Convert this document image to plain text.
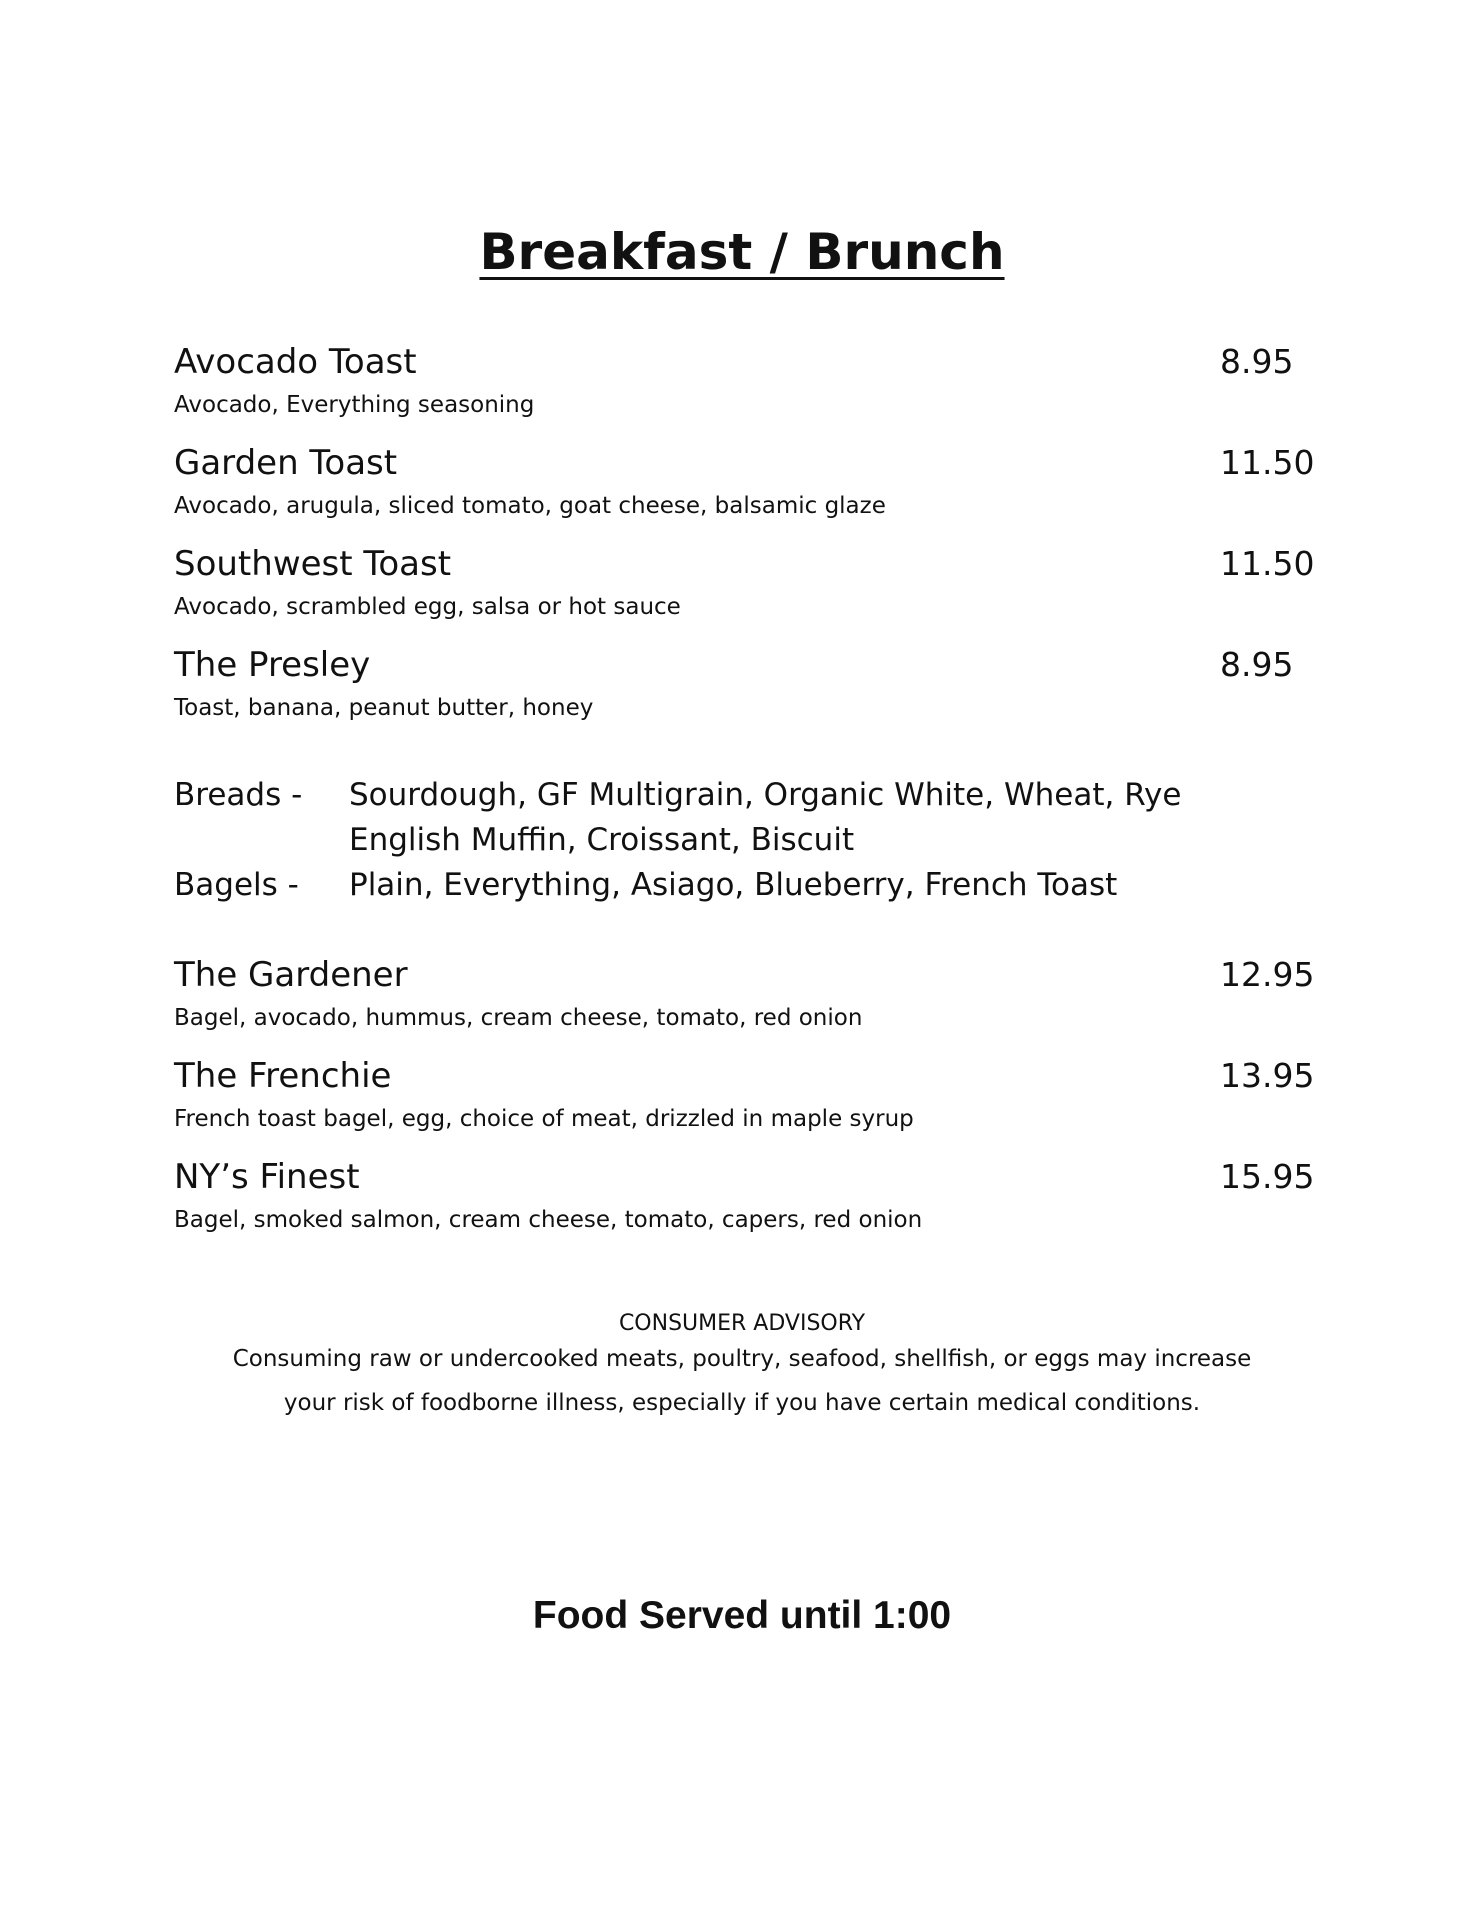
Breakfast / Brunch
Avocado Toast	8.95
Avocado, Everything seasoning
Garden Toast	11.50
Avocado, arugula, sliced tomato, goat cheese, balsamic glaze
Southwest Toast	11.50
Avocado, scrambled egg, salsa or hot sauce
The Presley	8.95
Toast, banana, peanut butter, honey
Breads - Sourdough, GF Multigrain, Organic White, Wheat, Rye
English Muffin, Croissant, Biscuit
Bagels - Plain, Everything, Asiago, Blueberry, French Toast
The Gardener	12.95
Bagel, avocado, hummus, cream cheese, tomato, red onion
The Frenchie	13.95
French toast bagel, egg, choice of meat, drizzled in maple syrup
NY’s Finest	15.95
Bagel, smoked salmon, cream cheese, tomato, capers, red onion
CONSUMER ADVISORY
Consuming raw or undercooked meats, poultry, seafood, shellfish, or eggs may increase
your risk of foodborne illness, especially if you have certain medical conditions.
Food Served until 1:00
